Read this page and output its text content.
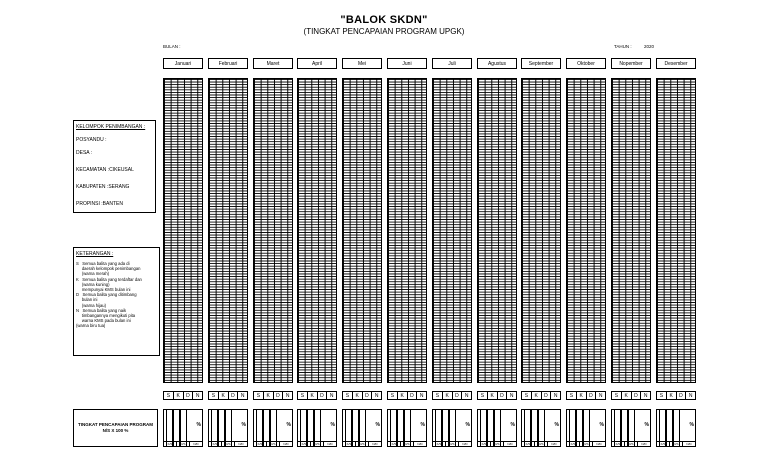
"BALOK SKDN"
(TINGKAT PENCAPAIAN PROGRAM UPGK)
BULAN :	TAHUN :	2020
Januari
S	K	D	N
%
K/S	D/S	N/D
Februari
S	K	D	N
%
K/S	D/S	N/D
Maret
S	K	D	N
%
K/S	D/S	N/D
April
S	K	D	N
%
K/S	D/S	N/D
Mei
S	K	D	N
%
K/S	D/S	N/D
Juni
S	K	D	N
%
K/S	D/S	N/D
Juli
S	K	D	N
%
K/S	D/S	N/D
Agustus
S	K	D	N
%
K/S	D/S	N/D
September
S	K	D	N
%
K/S	D/S	N/D
Oktober
S	K	D	N
%
K/S	D/S	N/D
Nopember
S	K	D	N
%
K/S	D/S	N/D
Desember
S	K	D	N
%
K/S	D/S	N/D
KELOMPOK PENIMBANGAN :
POSYANDU :
DESA :
KECAMATAN :CIKEUSAL
KABUPATEN :SERANG
PROPINSI :BANTEN
KETERANGAN :
S   Semua balita yang ada di
daerah kelompok penimbangan
(warna merah)
K   Semua balita yang terdaftar dan
(warna kuning)
mempunyai KMS bulan ini
D   Semua balita yang ditimbang
bulan ini
(warna hijau)
N   Semua balita yang naik
timbangannya mengikuti pita
warna KMS pada bulan ini
(warna biru tua)
TINGKAT PENCAPAIAN PROGRAM
N/S X 100 %
